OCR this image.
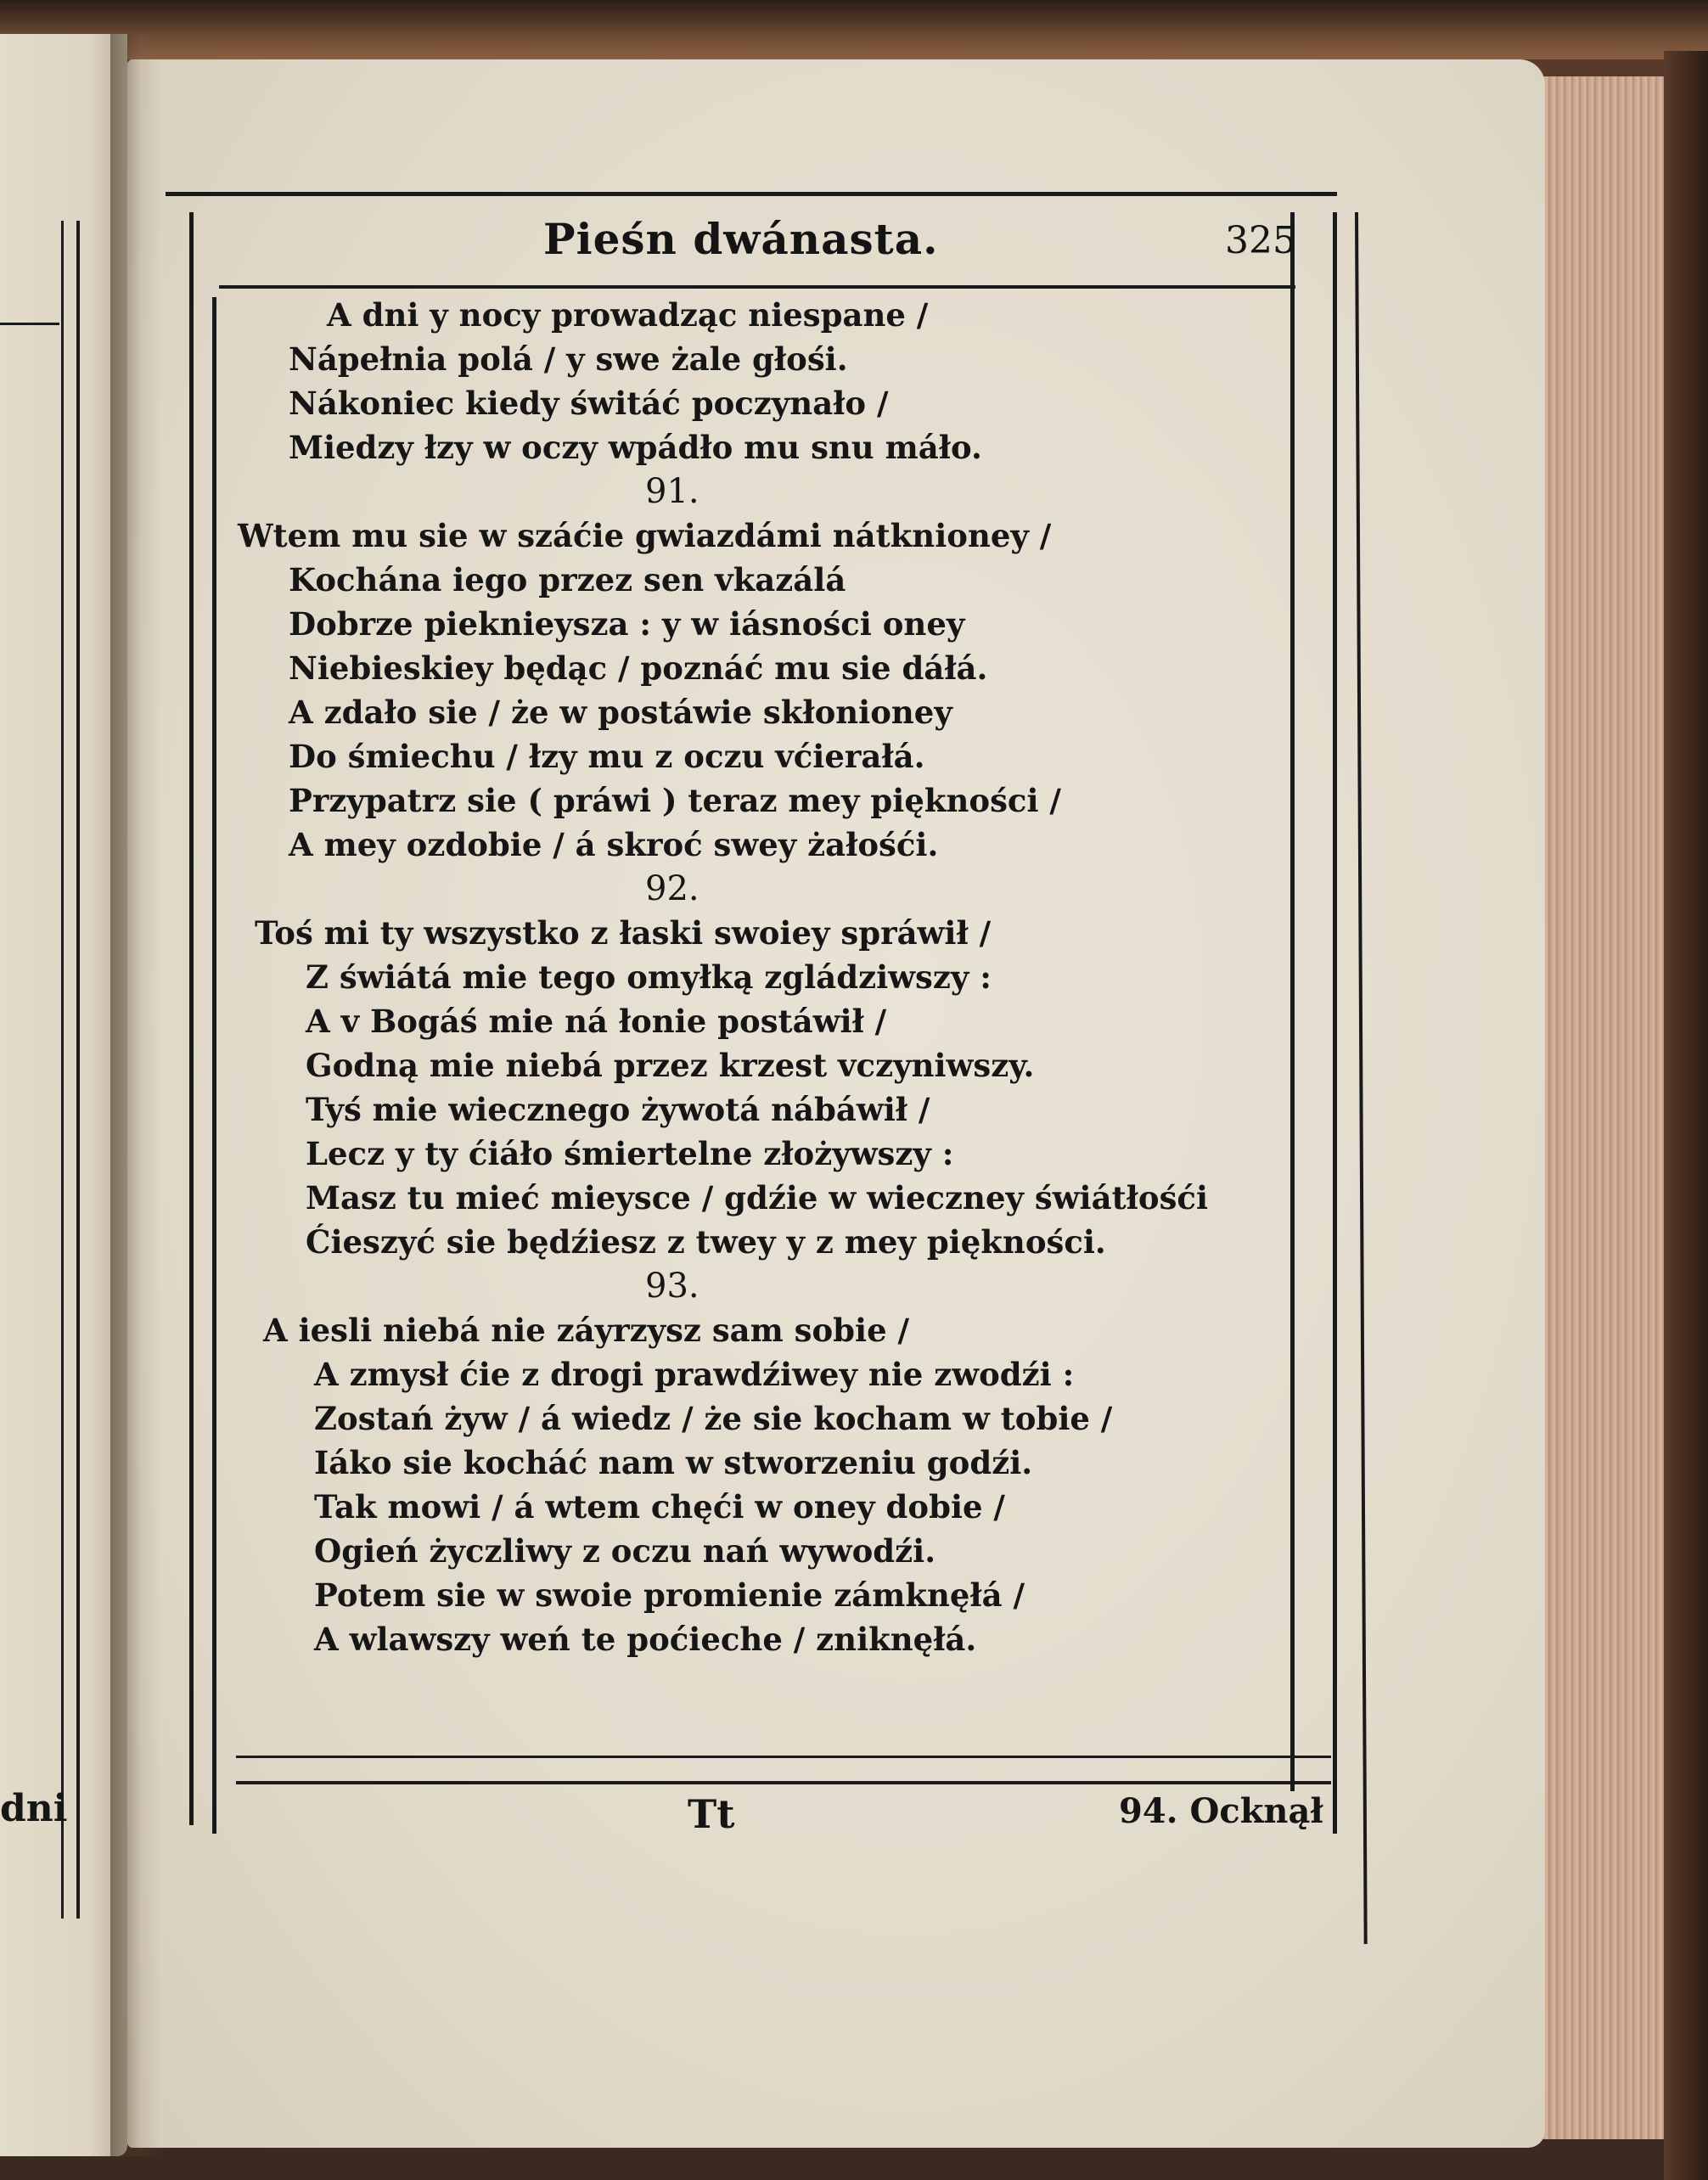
dni
Pieśn dwánasta.	325
A dni y nocy prowadząc niespane /
Nápełnia polá / y swe żale głośi.
Nákoniec kiedy świtáć poczynało /
Miedzy łzy w oczy wpádło mu snu máło.
91.
Wtem mu sie w száćie gwiazdámi nátknioney /
Kochána iego przez sen vkazálá
Dobrze pieknieysza : y w iásności oney
Niebieskiey będąc / poznáć mu sie dáłá.
A zdało sie / że w postáwie skłonioney
Do śmiechu / łzy mu z oczu vćierałá.
Przypatrz sie ( práwi ) teraz mey piękności /
A mey ozdobie / á skroć swey żałośći.
92.
Toś mi ty wszystko z łaski swoiey spráwił /
Z świátá mie tego omyłką zgládziwszy :
A v Bogáś mie ná łonie postáwił /
Godną mie niebá przez krzest vczyniwszy.
Tyś mie wiecznego żywotá nábáwił /
Lecz y ty ćiáło śmiertelne złożywszy :
Masz tu mieć mieysce / gdźie w wieczney świátłośći
Ćieszyć sie będźiesz z twey y z mey piękności.
93.
A iesli niebá nie záyrzysz sam sobie /
A zmysł ćie z drogi prawdźiwey nie zwodźi :
Zostań żyw / á wiedz / że sie kocham w tobie /
Iáko sie kocháć nam w stworzeniu godźi.
Tak mowi / á wtem chęći w oney dobie /
Ogień życzliwy z oczu nań wywodźi.
Potem sie w swoie promienie zámknęłá /
A wlawszy weń te poćieche / zniknęłá.
Tt	94. Ocknął
